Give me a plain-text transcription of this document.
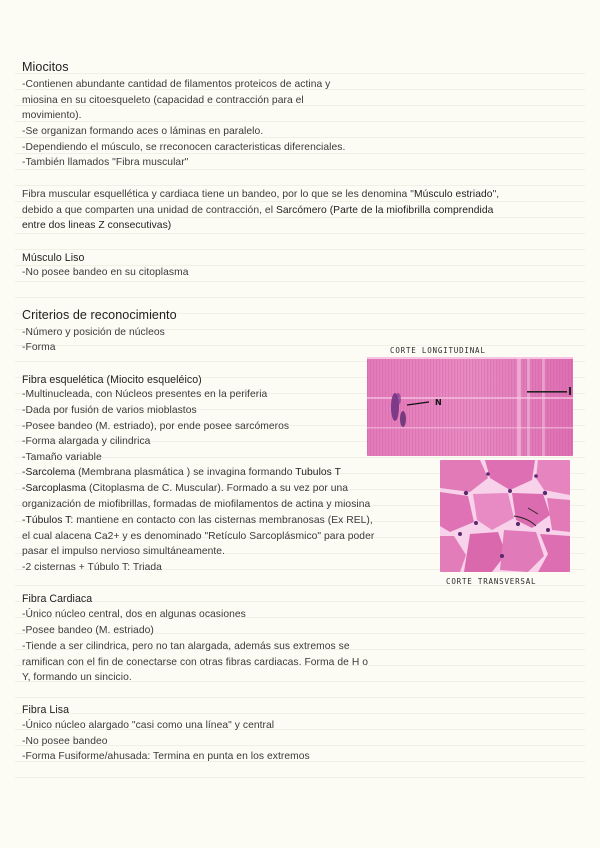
Miocitos
-Contienen abundante cantidad de filamentos proteicos de actina y
miosina en su citoesqueleto (capacidad e contracción para el
movimiento).
-Se organizan formando aces o láminas en paralelo.
-Dependiendo el músculo, se rreconocen caracteristicas diferenciales.
-También llamados "Fibra muscular"
Fibra muscular esquellética y cardiaca tiene un bandeo, por lo que se les denomina "Músculo estriado",
debido a que comparten una unidad de contracción, el Sarcómero (Parte de la miofibrilla comprendida
entre dos lineas Z consecutivas)
Músculo Liso
-No posee bandeo en su citoplasma
Criterios de reconocimiento
-Número y posición de núcleos
-Forma
Fibra esquelética (Miocito esqueléico)
-Multinucleada, con Núcleos presentes en la periferia
-Dada por fusión de varios mioblastos
-Posee bandeo (M. estriado), por ende posee sarcómeros
-Forma alargada y cilindrica
-Tamaño variable
-Sarcolema (Membrana plasmática ) se invagina formando Tubulos T
-Sarcoplasma (Citoplasma de C. Muscular). Formado a su vez por una
organización de miofibrillas, formadas de miofilamentos de actina y miosina
-Túbulos T: mantiene en contacto con las cisternas membranosas (Ex REL),
el cual alacena Ca2+ y es denominado "Retículo Sarcoplásmico" para poder
pasar el impulso nervioso simultáneamente.
-2 cisternas + Túbulo T: Triada
Fibra Cardiaca
-Único núcleo central, dos en algunas ocasiones
-Posee bandeo (M. estriado)
-Tiende a ser cilindrica, pero no tan alargada, además sus extremos se
ramifican con el fin de conectarse con otras fibras cardiacas. Forma de H o
Y, formando un sincicio.
Fibra Lisa
-Único núcleo alargado "casi como una línea" y central
-No posee bandeo
-Forma Fusiforme/ahusada: Termina en punta en los extremos
CORTE LONGITUDINAL
N
CORTE TRANSVERSAL
